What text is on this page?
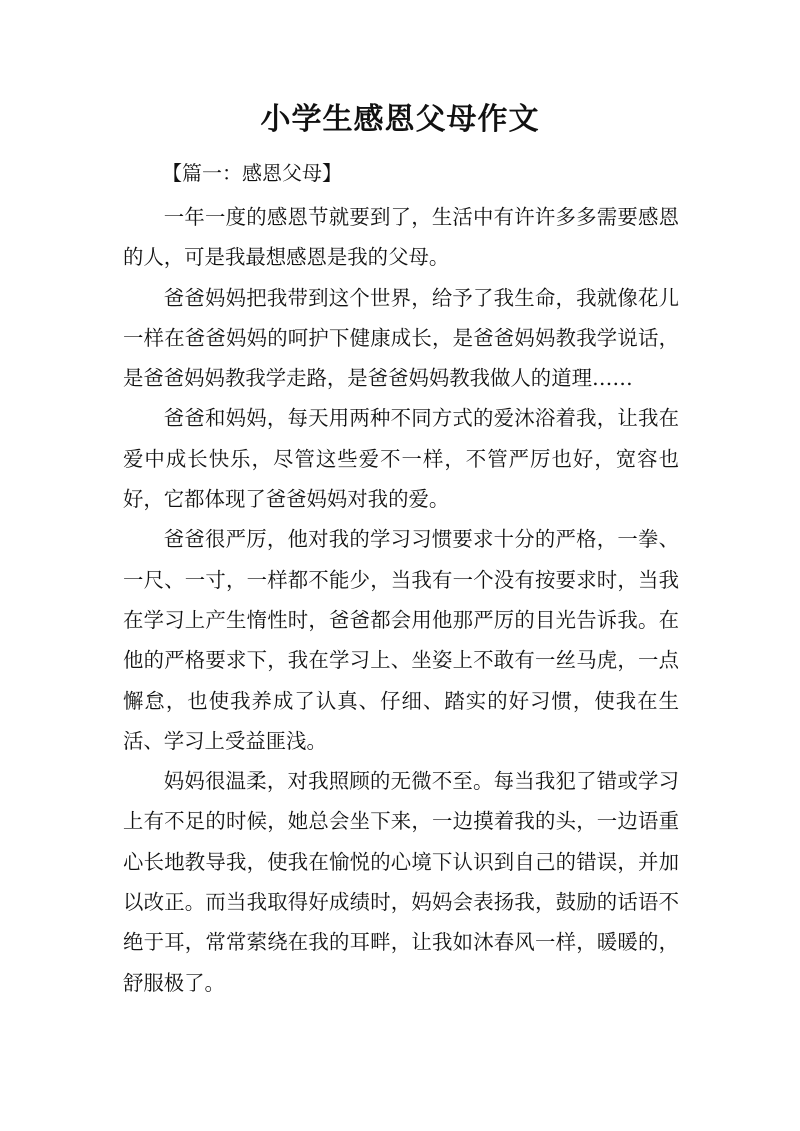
小学生感恩父母作文

【篇一：感恩父母】

一年一度的感恩节就要到了，生活中有许许多多需要感恩的人，可是我最想感恩是我的父母。

爸爸妈妈把我带到这个世界，给予了我生命，我就像花儿一样在爸爸妈妈的呵护下健康成长，是爸爸妈妈教我学说话，是爸爸妈妈教我学走路，是爸爸妈妈教我做人的道理……

爸爸和妈妈，每天用两种不同方式的爱沐浴着我，让我在爱中成长快乐，尽管这些爱不一样，不管严厉也好，宽容也好，它都体现了爸爸妈妈对我的爱。

爸爸很严厉，他对我的学习习惯要求十分的严格，一拳、一尺、一寸，一样都不能少，当我有一个没有按要求时，当我在学习上产生惰性时，爸爸都会用他那严厉的目光告诉我。在他的严格要求下，我在学习上、坐姿上不敢有一丝马虎，一点懈怠，也使我养成了认真、仔细、踏实的好习惯，使我在生活、学习上受益匪浅。

妈妈很温柔，对我照顾的无微不至。每当我犯了错或学习上有不足的时候，她总会坐下来，一边摸着我的头，一边语重心长地教导我，使我在愉悦的心境下认识到自己的错误，并加以改正。而当我取得好成绩时，妈妈会表扬我，鼓励的话语不绝于耳，常常萦绕在我的耳畔，让我如沐春风一样，暖暖的，舒服极了。
